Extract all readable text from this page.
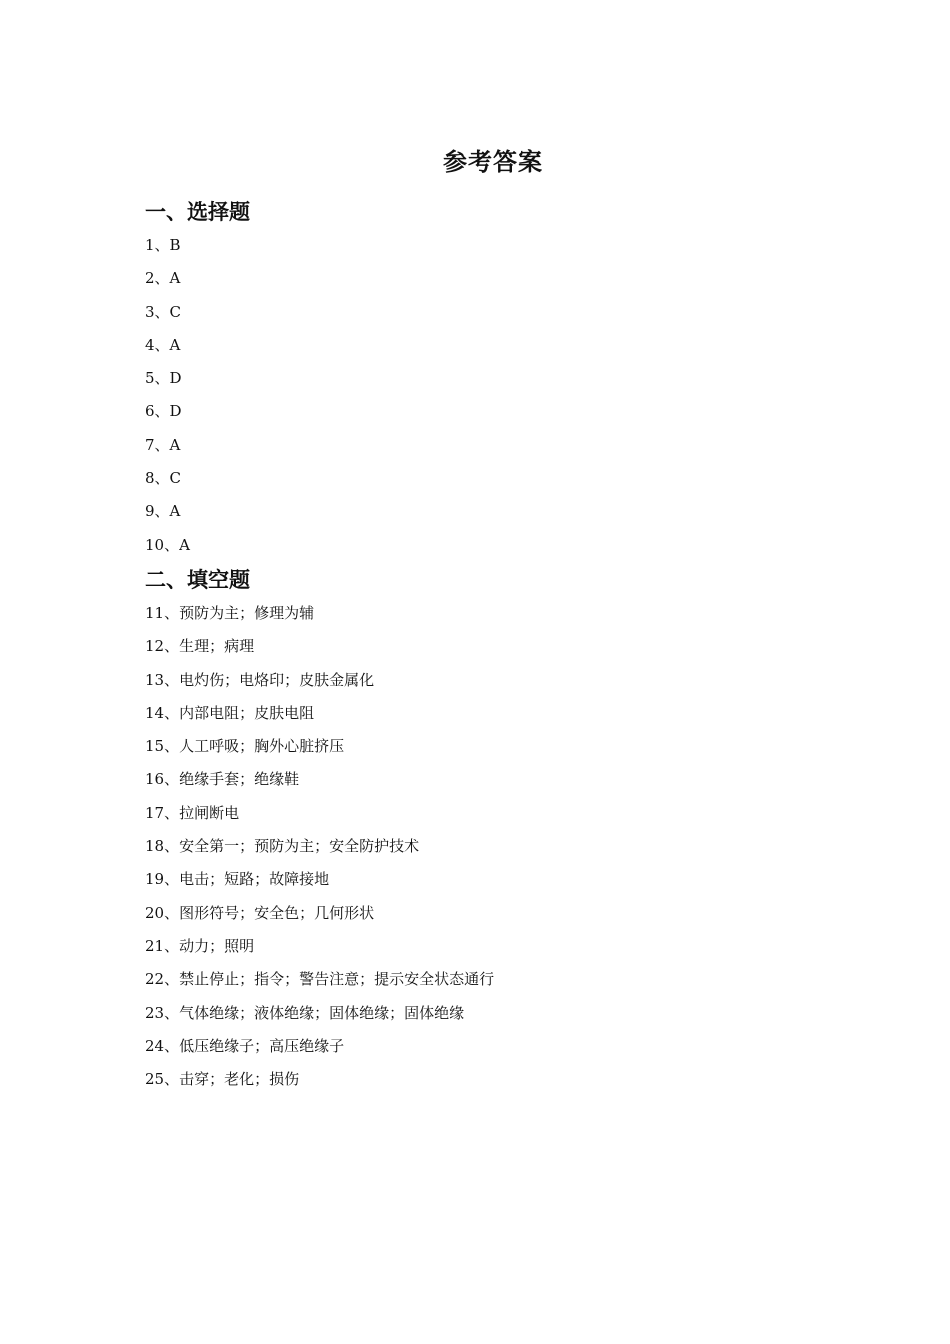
参考答案
一、选择题
1、B
2、A
3、C
4、A
5、D
6、D
7、A
8、C
9、A
10、A
二、填空题
11、预防为主；修理为辅
12、生理；病理
13、电灼伤；电烙印；皮肤金属化
14、内部电阻；皮肤电阻
15、人工呼吸；胸外心脏挤压
16、绝缘手套；绝缘鞋
17、拉闸断电
18、安全第一；预防为主；安全防护技术
19、电击；短路；故障接地
20、图形符号；安全色；几何形状
21、动力；照明
22、禁止停止；指令；警告注意；提示安全状态通行
23、气体绝缘；液体绝缘；固体绝缘；固体绝缘
24、低压绝缘子；高压绝缘子
25、击穿；老化；损伤
